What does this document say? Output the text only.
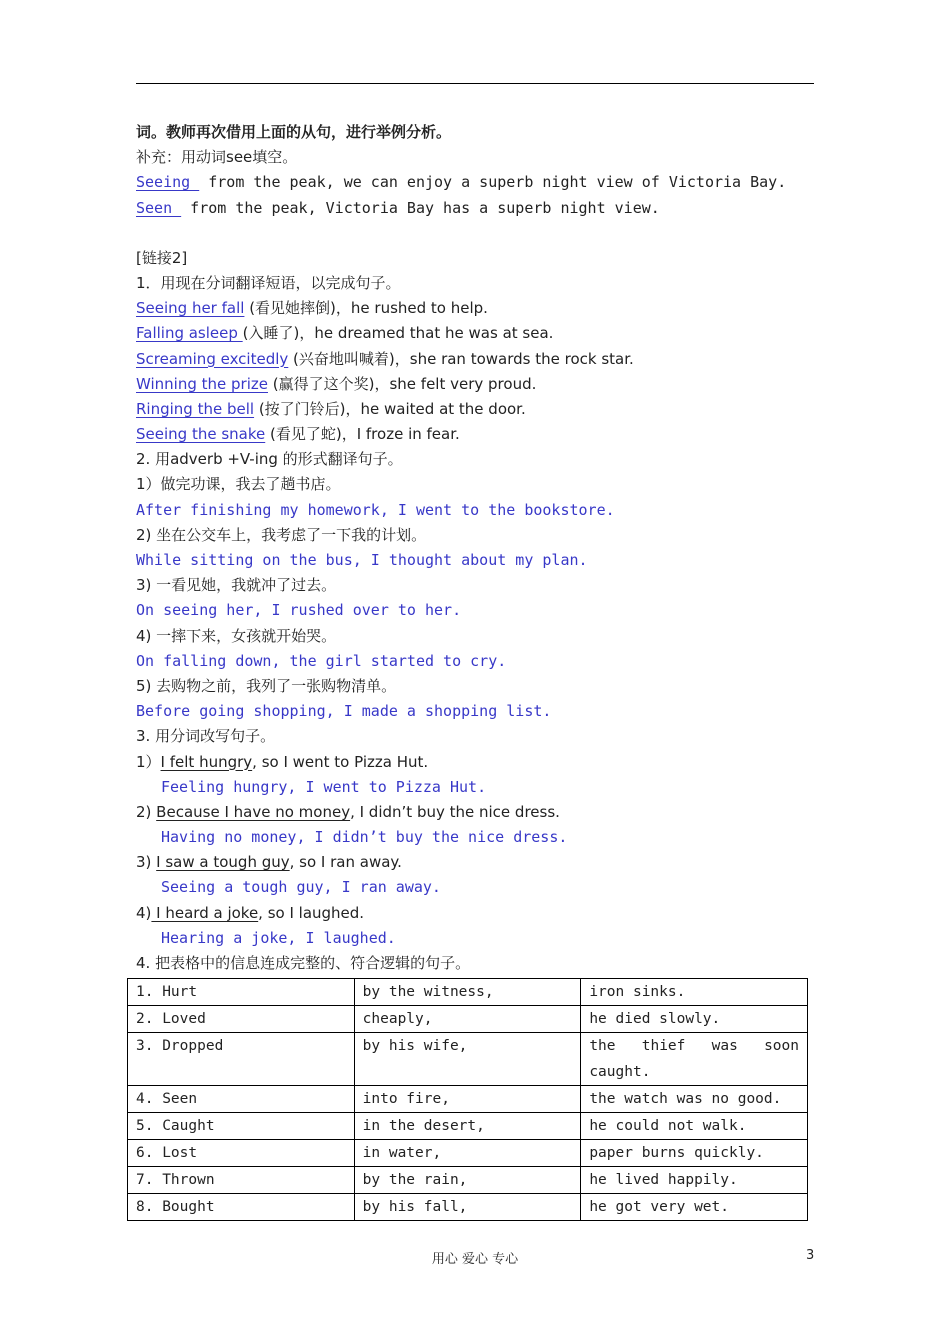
词。教师再次借用上面的从句，进行举例分析。
补充：用动词see填空。
Seeing  from the peak, we can enjoy a superb night view of Victoria Bay.
Seen  from the peak, Victoria Bay has a superb night view.
[链接2]
1．用现在分词翻译短语，以完成句子。
Seeing her fall (看见她摔倒)，he rushed to help.
Falling asleep (入睡了)，he dreamed that he was at sea.
Screaming excitedly (兴奋地叫喊着)，she ran towards the rock star.
Winning the prize (赢得了这个奖)，she felt very proud.
Ringing the bell (按了门铃后)，he waited at the door.
Seeing the snake (看见了蛇)，I froze in fear.
2. 用adverb +V-ing 的形式翻译句子。
1）做完功课，我去了趟书店。
After finishing my homework, I went to the bookstore.
2) 坐在公交车上，我考虑了一下我的计划。
While sitting on the bus, I thought about my plan.
3) 一看见她，我就冲了过去。
On seeing her, I rushed over to her.
4) 一摔下来，女孩就开始哭。
On falling down, the girl started to cry.
5) 去购物之前，我列了一张购物清单。
Before going shopping, I made a shopping list.
3. 用分词改写句子。
1）I felt hungry, so I went to Pizza Hut.
Feeling hungry, I went to Pizza Hut.
2) Because I have no money, I didn’t buy the nice dress.
Having no money, I didn’t buy the nice dress.
3) I saw a tough guy, so I ran away.
Seeing a tough guy, I ran away.
4) I heard a joke, so I laughed.
Hearing a joke, I laughed.
4. 把表格中的信息连成完整的、符合逻辑的句子。
1. Hurt	by the witness,	iron sinks.
2. Loved	cheaply,	he died slowly.
3. Dropped	by his wife,	the thief was soon caught.
4. Seen	into fire,	the watch was no good.
5. Caught	in the desert,	he could not walk.
6. Lost	in water,	paper burns quickly.
7. Thrown	by the rain,	he lived happily.
8. Bought	by his fall,	he got very wet.
用心 爱心 专心	3
